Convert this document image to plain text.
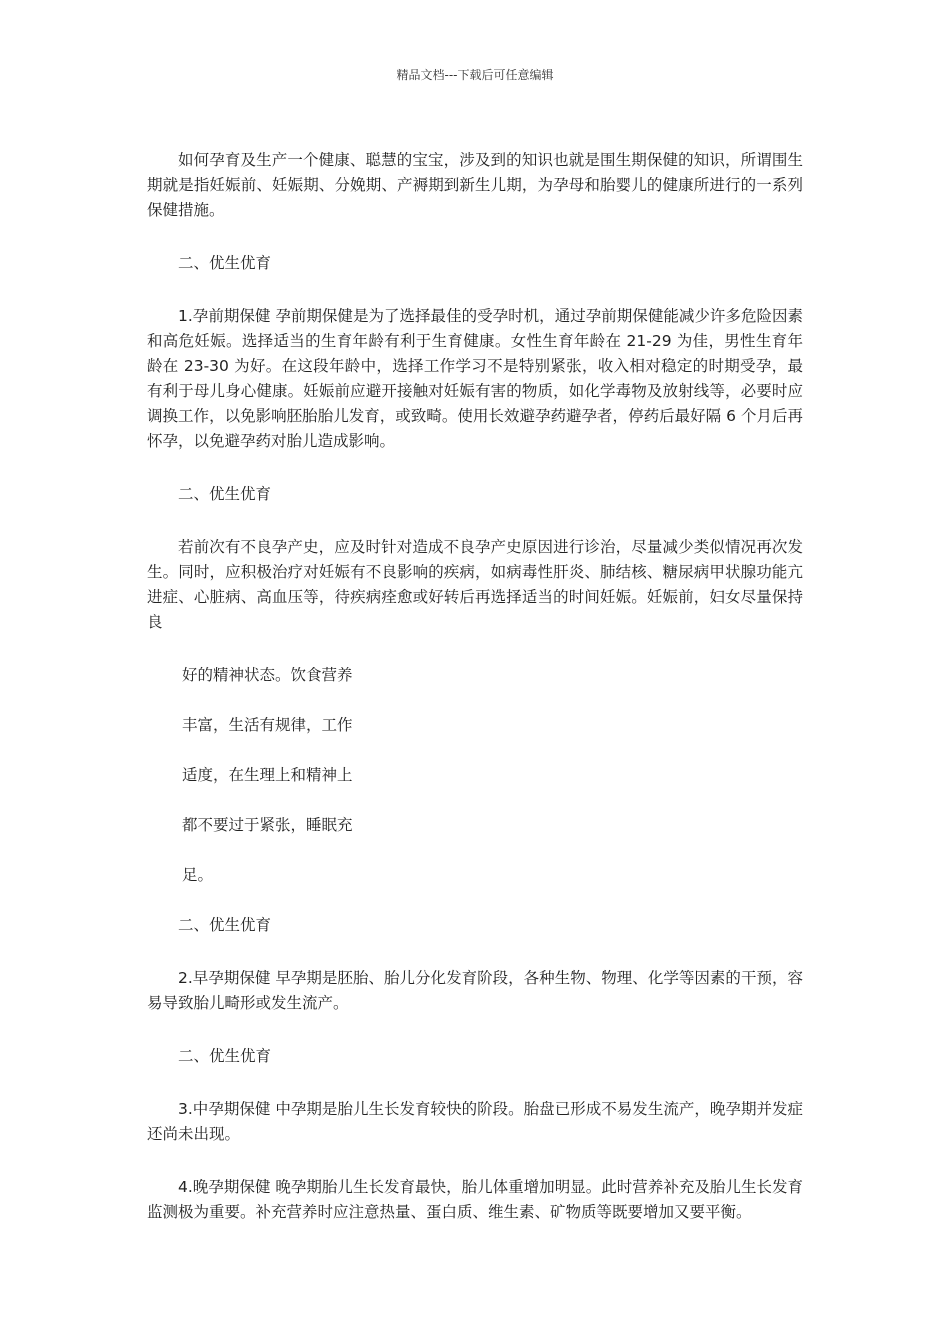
精品文档---下载后可任意编辑

如何孕育及生产一个健康、聪慧的宝宝，涉及到的知识也就是围生期保健的知识，所谓围生期就是指妊娠前、妊娠期、分娩期、产褥期到新生儿期，为孕母和胎婴儿的健康所进行的一系列保健措施。

二、优生优育

1.孕前期保健 孕前期保健是为了选择最佳的受孕时机，通过孕前期保健能减少许多危险因素和高危妊娠。选择适当的生育年龄有利于生育健康。女性生育年龄在 21-29 为佳，男性生育年龄在 23-30 为好。在这段年龄中，选择工作学习不是特别紧张，收入相对稳定的时期受孕，最有利于母儿身心健康。妊娠前应避开接触对妊娠有害的物质，如化学毒物及放射线等，必要时应调换工作，以免影响胚胎胎儿发育，或致畸。使用长效避孕药避孕者，停药后最好隔 6 个月后再怀孕，以免避孕药对胎儿造成影响。

二、优生优育

若前次有不良孕产史，应及时针对造成不良孕产史原因进行诊治，尽量减少类似情况再次发生。同时，应积极治疗对妊娠有不良影响的疾病，如病毒性肝炎、肺结核、糖尿病甲状腺功能亢进症、心脏病、高血压等，待疾病痊愈或好转后再选择适当的时间妊娠。妊娠前，妇女尽量保持良

好的精神状态。饮食营养

丰富，生活有规律，工作

适度，在生理上和精神上

都不要过于紧张，睡眠充

足。

二、优生优育

2.早孕期保健 早孕期是胚胎、胎儿分化发育阶段，各种生物、物理、化学等因素的干预，容易导致胎儿畸形或发生流产。

二、优生优育

3.中孕期保健 中孕期是胎儿生长发育较快的阶段。胎盘已形成不易发生流产，晚孕期并发症还尚未出现。

4.晚孕期保健 晚孕期胎儿生长发育最快，胎儿体重增加明显。此时营养补充及胎儿生长发育监测极为重要。补充营养时应注意热量、蛋白质、维生素、矿物质等既要增加又要平衡。
